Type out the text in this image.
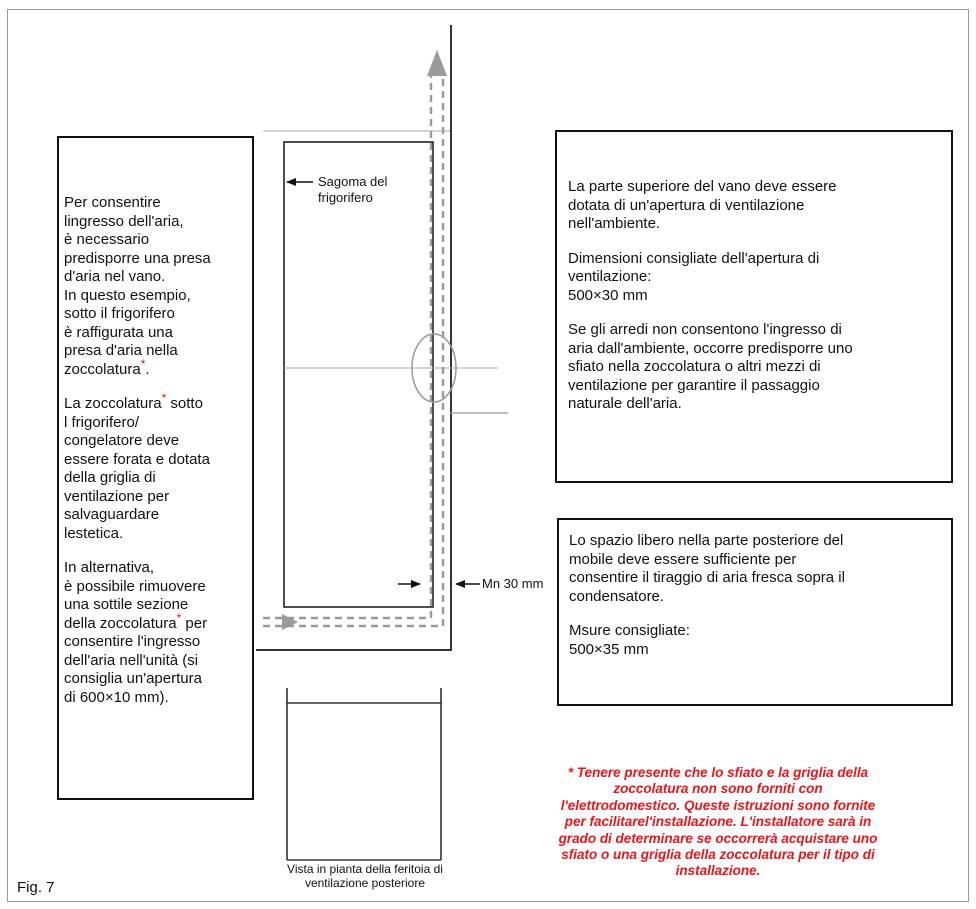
Per consentire
lingresso dell'aria,
è necessario
predisporre una presa
d'aria nel vano.
In questo esempio,
sotto il frigorifero
è raffigurata una
presa d'aria nella
zoccolatura*.

La zoccolatura* sotto
l frigorifero/
congelatore deve
essere forata e dotata
della griglia di
ventilazione per
salvaguardare
lestetica.

In alternativa,
è possibile rimuovere
una sottile sezione
della zoccolatura* per
consentire l'ingresso
dell'aria nell'unità (si
consiglia un'apertura
di 600×10 mm).

La parte superiore del vano deve essere
dotata di un'apertura di ventilazione
nell'ambiente.

Dimensioni consigliate dell'apertura di
ventilazione:
500×30 mm

Se gli arredi non consentono l'ingresso di
aria dall'ambiente, occorre predisporre uno
sfiato nella zoccolatura o altri mezzi di
ventilazione per garantire il passaggio
naturale dell'aria.

Lo spazio libero nella parte posteriore del
mobile deve essere sufficiente per
consentire il tiraggio di aria fresca sopra il
condensatore.

Msure consigliate:
500×35 mm

Sagoma del
frigorifero
Mn 30 mm
Vista in pianta della feritoia di
ventilazione posteriore
* Tenere presente che lo sfiato e la griglia della
zoccolatura non sono forniti con
l'elettrodomestico. Queste istruzioni sono fornite
per facilitarel'installazione. L'installatore sarà in
grado di determinare se occorrerà acquistare uno
sfiato o una griglia della zoccolatura per il tipo di
installazione.
Fig. 7
